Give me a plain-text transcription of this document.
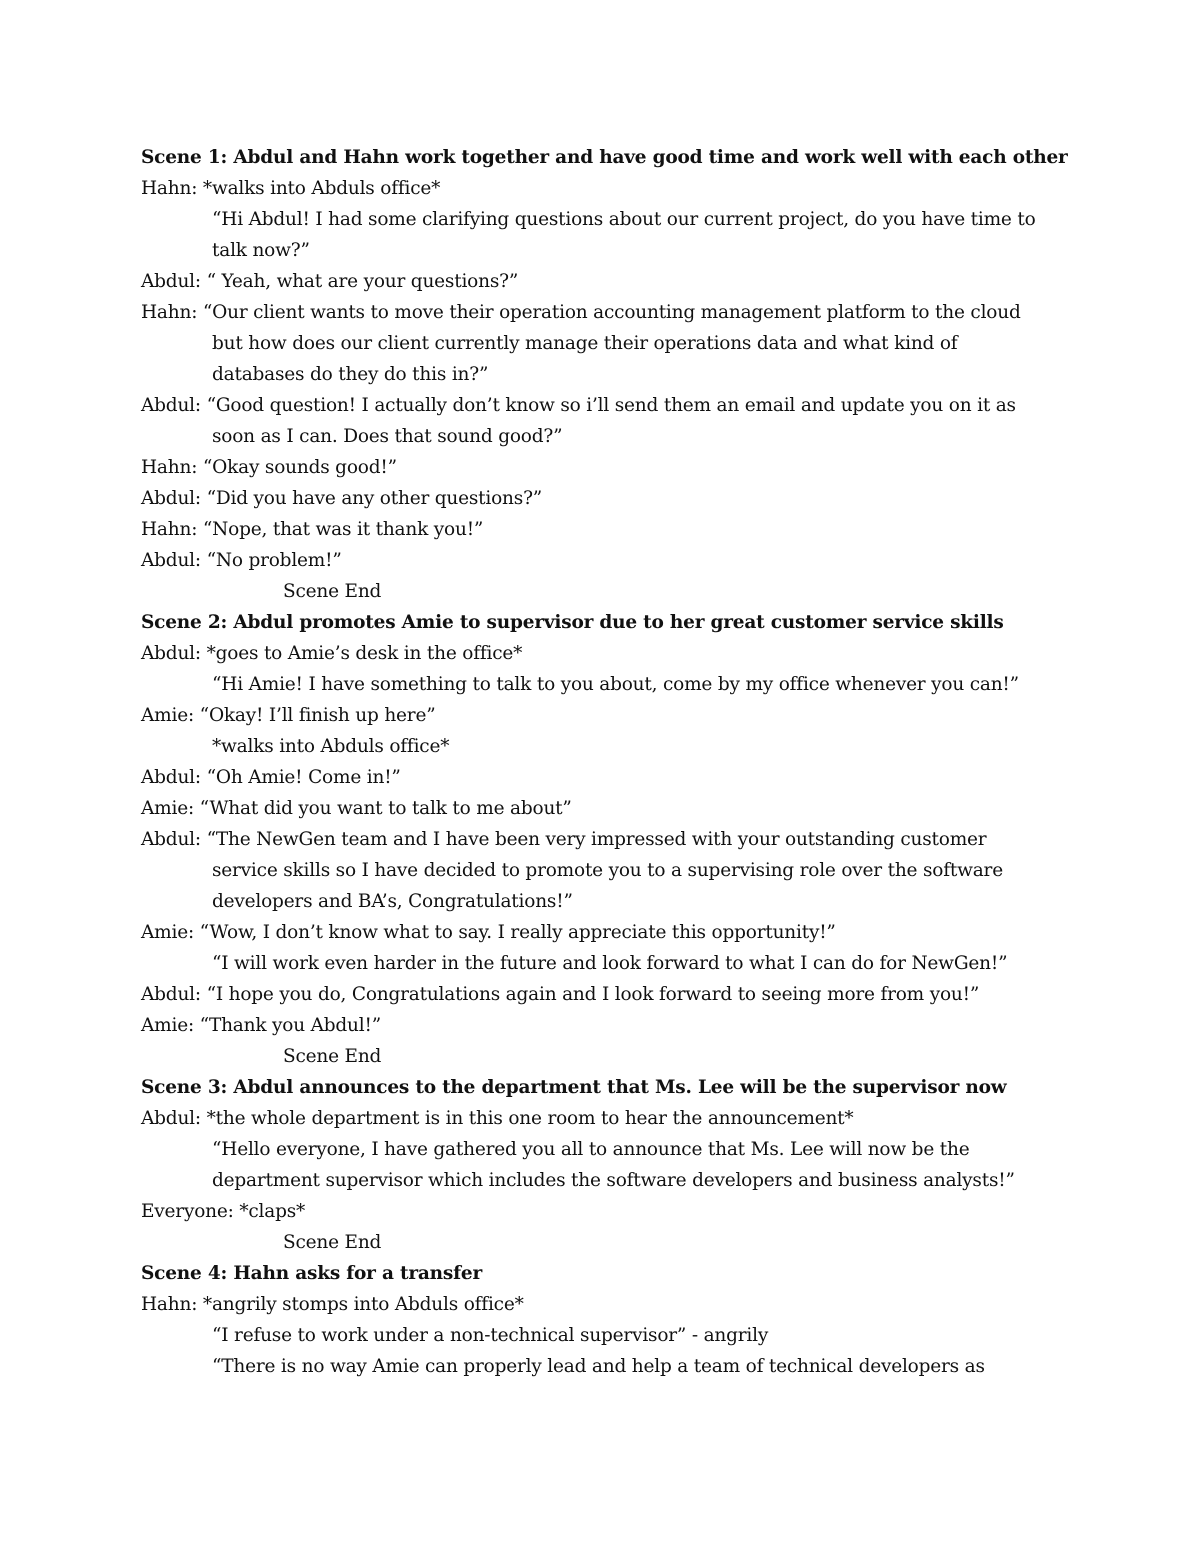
Scene 1: Abdul and Hahn work together and have good time and work well with each other
Hahn: *walks into Abduls office*
“Hi Abdul! I had some clarifying questions about our current project, do you have time to
talk now?”
Abdul: “ Yeah, what are your questions?”
Hahn: “Our client wants to move their operation accounting management platform to the cloud
but how does our client currently manage their operations data and what kind of
databases do they do this in?”
Abdul: “Good question! I actually don’t know so i’ll send them an email and update you on it as
soon as I can. Does that sound good?”
Hahn: “Okay sounds good!”
Abdul: “Did you have any other questions?”
Hahn: “Nope, that was it thank you!”
Abdul: “No problem!”
Scene End
Scene 2: Abdul promotes Amie to supervisor due to her great customer service skills
Abdul: *goes to Amie’s desk in the office*
“Hi Amie! I have something to talk to you about, come by my office whenever you can!”
Amie: “Okay! I’ll finish up here”
*walks into Abduls office*
Abdul: “Oh Amie! Come in!”
Amie: “What did you want to talk to me about”
Abdul: “The NewGen team and I have been very impressed with your outstanding customer
service skills so I have decided to promote you to a supervising role over the software
developers and BA’s, Congratulations!”
Amie: “Wow, I don’t know what to say. I really appreciate this opportunity!”
“I will work even harder in the future and look forward to what I can do for NewGen!”
Abdul: “I hope you do, Congratulations again and I look forward to seeing more from you!”
Amie: “Thank you Abdul!”
Scene End
Scene 3: Abdul announces to the department that Ms. Lee will be the supervisor now
Abdul: *the whole department is in this one room to hear the announcement*
“Hello everyone, I have gathered you all to announce that Ms. Lee will now be the
department supervisor which includes the software developers and business analysts!”
Everyone: *claps*
Scene End
Scene 4: Hahn asks for a transfer
Hahn: *angrily stomps into Abduls office*
“I refuse to work under a non-technical supervisor” - angrily
“There is no way Amie can properly lead and help a team of technical developers as
